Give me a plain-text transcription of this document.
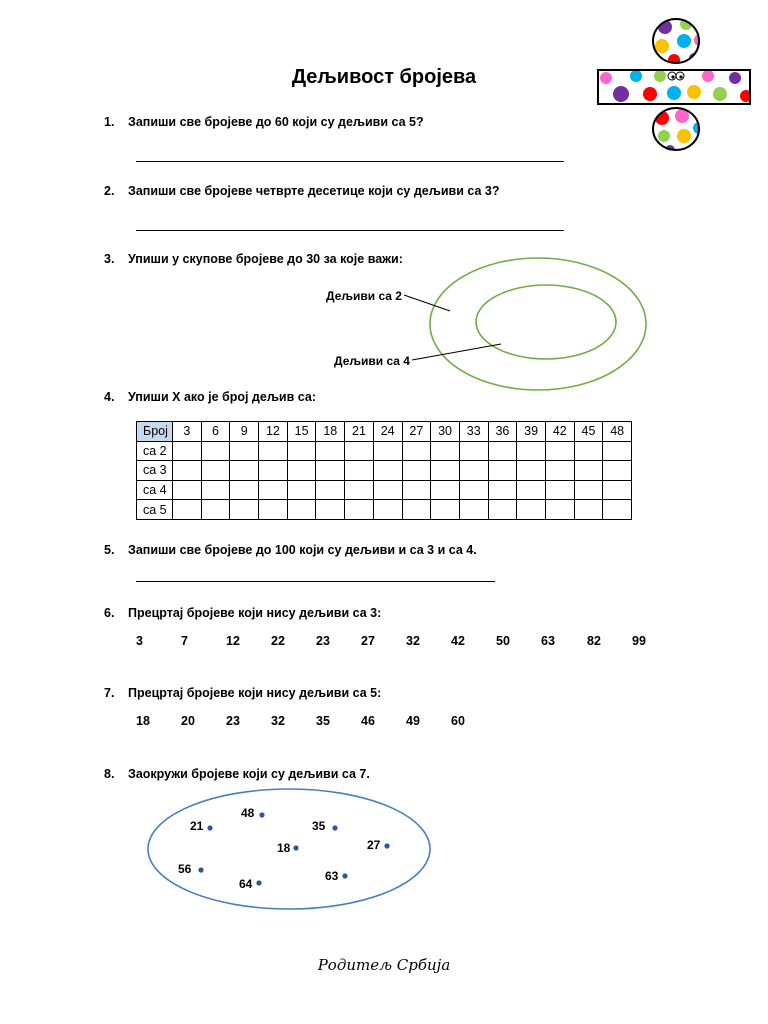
Дељивост бројева
1. Запиши све бројеве до 60 који су дељиви са 5?
2. Запиши све бројеве четврте десетице који су дељиви са 3?
3. Упиши у скупове бројеве до 30 за које важи:
Дељиви са 2
Дељиви са 4
4. Упиши X ако је број дељив са:
Број	3	6	9	12	15	18	21	24	27	30	33	36	39	42	45	48
са 2																
са 3																
са 4																
са 5																
5. Запиши све бројеве до 100 који су дељиви и са 3 и са 4.
6. Прецртај бројеве који нису дељиви са 3:
3	7	12 22 23 27 32 42 50 63	82 99
7. Прецртај бројеве који нису дељиви са 5:
18 20 23 32 35 46 49 60
8. Заокружи бројеве који су дељиви са 7.
48
21	35
18	27
56
64
63
Родитељ Србија
